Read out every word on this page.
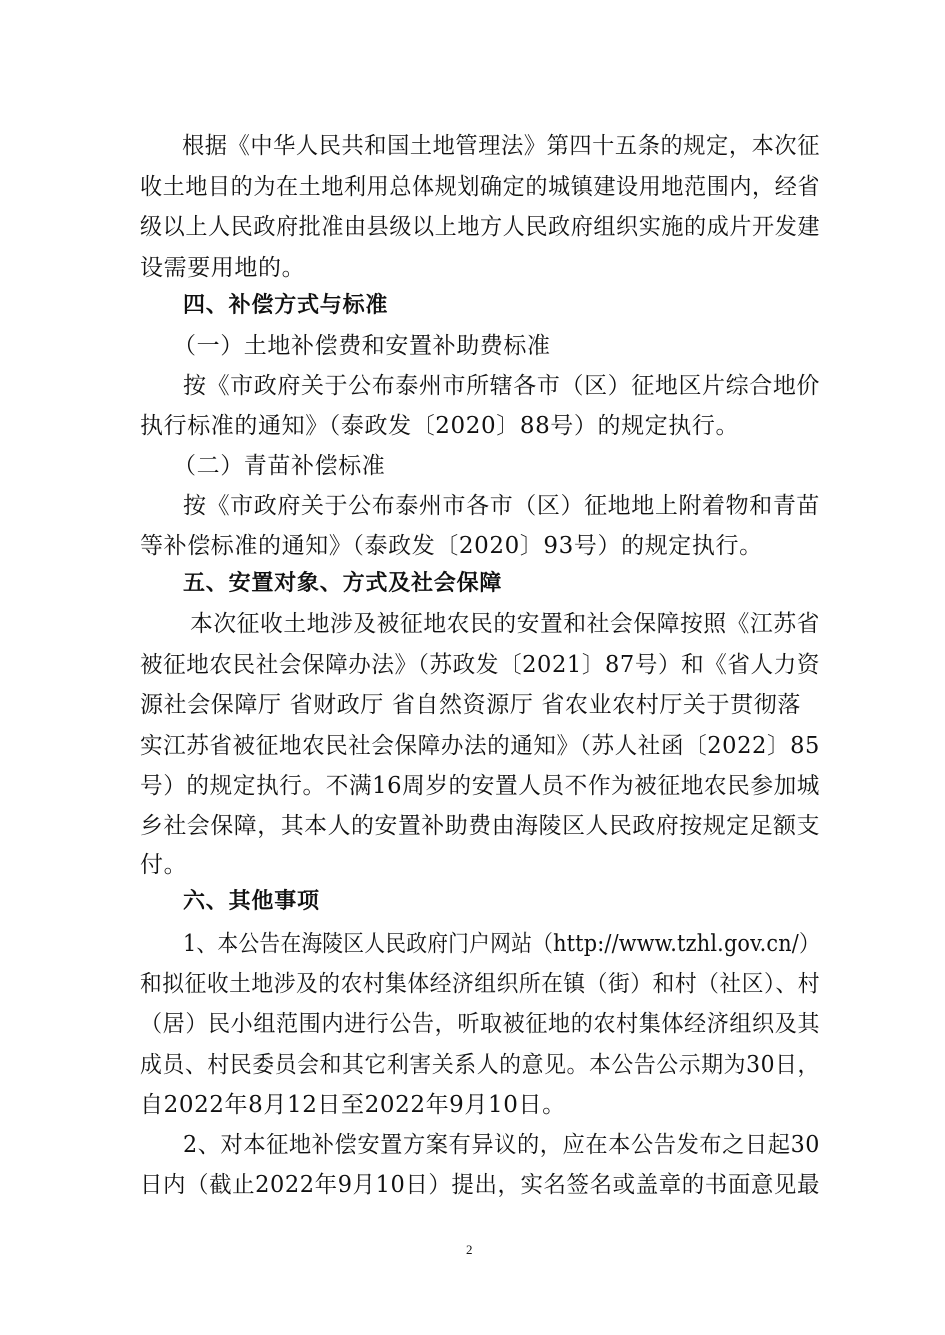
根据《中华人民共和国土地管理法》第四十五条的规定，本次征
收土地目的为在土地利用总体规划确定的城镇建设用地范围内，经省
级以上人民政府批准由县级以上地方人民政府组织实施的成片开发建
设需要用地的。
四、补偿方式与标准
（一）土地补偿费和安置补助费标准
按《市政府关于公布泰州市所辖各市（区）征地区片综合地价
执行标准的通知》（泰政发〔2020〕88号）的规定执行。
（二）青苗补偿标准
按《市政府关于公布泰州市各市（区）征地地上附着物和青苗
等补偿标准的通知》（泰政发〔2020〕93号）的规定执行。
五、安置对象、方式及社会保障
本次征收土地涉及被征地农民的安置和社会保障按照《江苏省
被征地农民社会保障办法》（苏政发〔2021〕87号）和《省人力资
源社会保障厅 省财政厅 省自然资源厅 省农业农村厅关于贯彻落
实江苏省被征地农民社会保障办法的通知》（苏人社函〔2022〕85
号）的规定执行。不满16周岁的安置人员不作为被征地农民参加城
乡社会保障，其本人的安置补助费由海陵区人民政府按规定足额支
付。
六、其他事项
1、本公告在海陵区人民政府门户网站（http://www.tzhl.gov.cn/）
和拟征收土地涉及的农村集体经济组织所在镇（街）和村（社区）、村
（居）民小组范围内进行公告，听取被征地的农村集体经济组织及其
成员、村民委员会和其它利害关系人的意见。本公告公示期为30日，
自2022年8月12日至2022年9月10日。
2、对本征地补偿安置方案有异议的，应在本公告发布之日起30
日内（截止2022年9月10日）提出，实名签名或盖章的书面意见最
2
